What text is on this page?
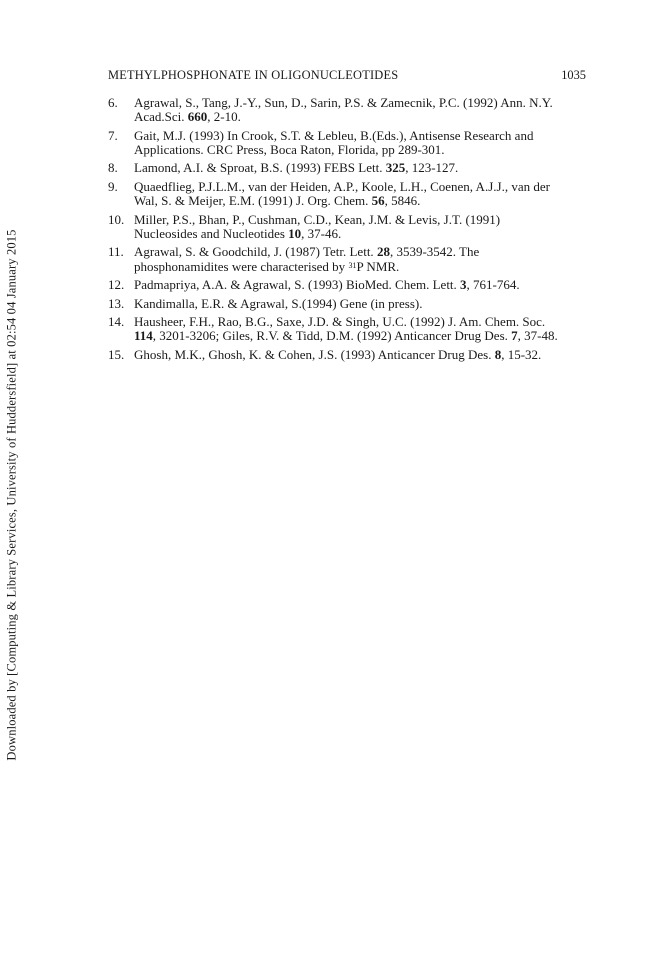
METHYLPHOSPHONATE IN OLIGONUCLEOTIDES	1035
Downloaded by [Computing & Library Services, University of Huddersfield] at 02:54 04 January 2015
6. Agrawal, S., Tang, J.-Y., Sun, D., Sarin, P.S. & Zamecnik, P.C. (1992) Ann. N.Y.
Acad.Sci. 660, 2-10.
7. Gait, M.J. (1993) In Crook, S.T. & Lebleu, B.(Eds.), Antisense Research and
Applications. CRC Press, Boca Raton, Florida, pp 289-301.
8. Lamond, A.I. & Sproat, B.S. (1993) FEBS Lett. 325, 123-127.
9. Quaedflieg, P.J.L.M., van der Heiden, A.P., Koole, L.H., Coenen, A.J.J., van der
Wal, S. & Meijer, E.M. (1991) J. Org. Chem. 56, 5846.
10. Miller, P.S., Bhan, P., Cushman, C.D., Kean, J.M. & Levis, J.T. (1991)
Nucleosides and Nucleotides 10, 37-46.
11. Agrawal, S. & Goodchild, J. (1987) Tetr. Lett. 28, 3539-3542. The
phosphonamidites were characterised by $^{31}$P NMR.
12. Padmapriya, A.A. & Agrawal, S. (1993) BioMed. Chem. Lett. 3, 761-764.
13. Kandimalla, E.R. & Agrawal, S.(1994) Gene (in press).
14. Hausheer, F.H., Rao, B.G., Saxe, J.D. & Singh, U.C. (1992) J. Am. Chem. Soc.
114, 3201-3206; Giles, R.V. & Tidd, D.M. (1992) Anticancer Drug Des. 7, 37-48.
15. Ghosh, M.K., Ghosh, K. & Cohen, J.S. (1993) Anticancer Drug Des. 8, 15-32.
